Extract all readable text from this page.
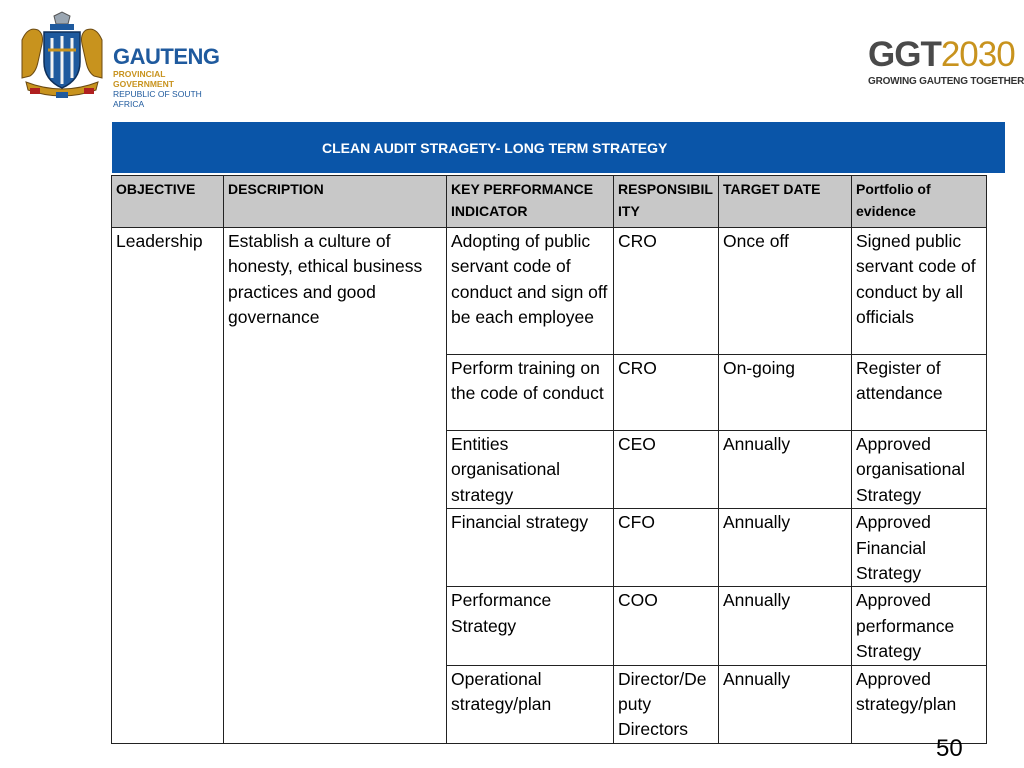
GAUTENG
PROVINCIAL GOVERNMENT
REPUBLIC OF SOUTH AFRICA
GGT2030
GROWING GAUTENG TOGETHER
CLEAN AUDIT STRAGETY- LONG TERM STRATEGY
OBJECTIVE	DESCRIPTION	KEY PERFORMANCE INDICATOR	RESPONSIBIL ITY	TARGET DATE	Portfolio of evidence
Leadership	Establish a culture of honesty, ethical business practices and good governance	Adopting of public servant code of conduct and sign off be each employee	CRO	Once off	Signed public servant code of conduct by all officials
		Perform training on the code of conduct	CRO	On-going	Register of attendance
		Entities organisational strategy	CEO	Annually	Approved organisational Strategy
		Financial strategy	CFO	Annually	Approved Financial Strategy
		Performance Strategy	COO	Annually	Approved performance Strategy
		Operational strategy/plan	Director/De puty Directors	Annually	Approved strategy/plan
50
